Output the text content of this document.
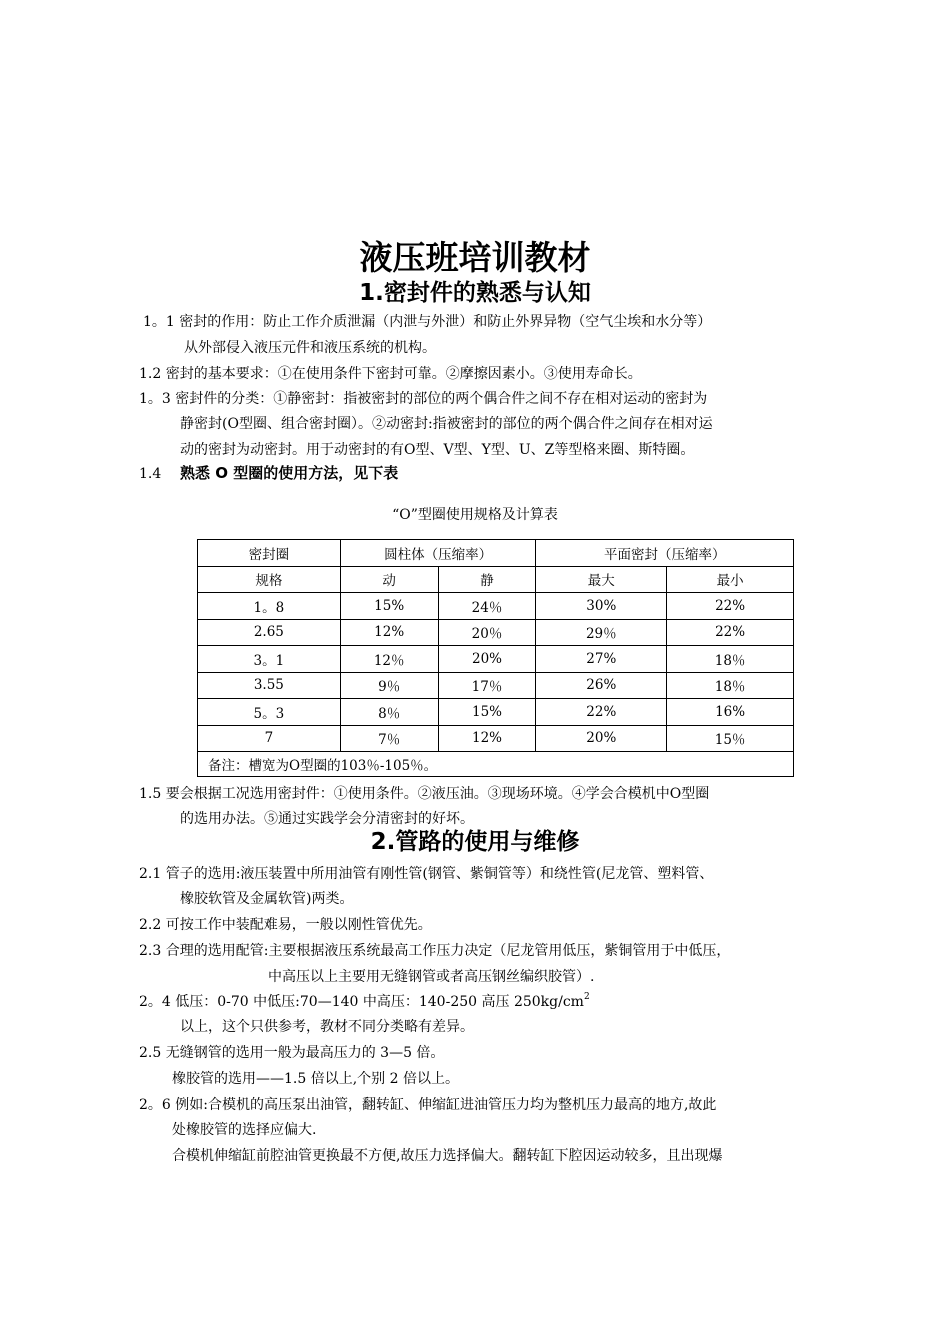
液压班培训教材
1.密封件的熟悉与认知
1。1 密封的作用：防止工作介质泄漏（内泄与外泄）和防止外界异物（空气尘埃和水分等）
从外部侵入液压元件和液压系统的机构。
1.2 密封的基本要求：①在使用条件下密封可靠。②摩擦因素小。③使用寿命长。
1。3 密封件的分类：①静密封：指被密封的部位的两个偶合件之间不存在相对运动的密封为
静密封(O型圈、组合密封圈）。②动密封:指被密封的部位的两个偶合件之间存在相对运
动的密封为动密封。用于动密封的有O型、V型、Y型、U、Z等型格来圈、斯特圈。
1.4 熟悉 O 型圈的使用方法，见下表
“O”型圈使用规格及计算表
密封圈	圆柱体（压缩率）		平面密封（压缩率）	
规格	动	静	最大	最小
1。8	15%	24％	30%	22%
2.65	12%	20％	29％	22%
3。1	12％	20%	27%	18％
3.55	9％	17％	26%	18％
5。3	8％	15%	22%	16%
7	7％	12%	20%	15％
备注：槽宽为O型圈的103％-105％。				
1.5 要会根据工况选用密封件：①使用条件。②液压油。③现场环境。④学会合模机中O型圈
的选用办法。⑤通过实践学会分清密封的好坏。
2.管路的使用与维修
2.1 管子的选用:液压装置中所用油管有刚性管(钢管、紫铜管等）和绕性管(尼龙管、塑料管、
橡胶软管及金属软管)两类。
2.2 可按工作中装配难易，一般以刚性管优先。
2.3 合理的选用配管:主要根据液压系统最高工作压力决定（尼龙管用低压，紫铜管用于中低压，
中高压以上主要用无缝钢管或者高压钢丝编织胶管）.
2。4 低压：0-70 中低压:70—140 中高压：140-250 高压 $250kg/cm^2$
以上，这个只供参考，教材不同分类略有差异。
2.5 无缝钢管的选用一般为最高压力的 3—5 倍。
橡胶管的选用——1.5 倍以上,个别 2 倍以上。
2。6 例如:合模机的高压泵出油管，翻转缸、伸缩缸进油管压力均为整机压力最高的地方,故此
处橡胶管的选择应偏大.
合模机伸缩缸前腔油管更换最不方便,故压力选择偏大。翻转缸下腔因运动较多，且出现爆
